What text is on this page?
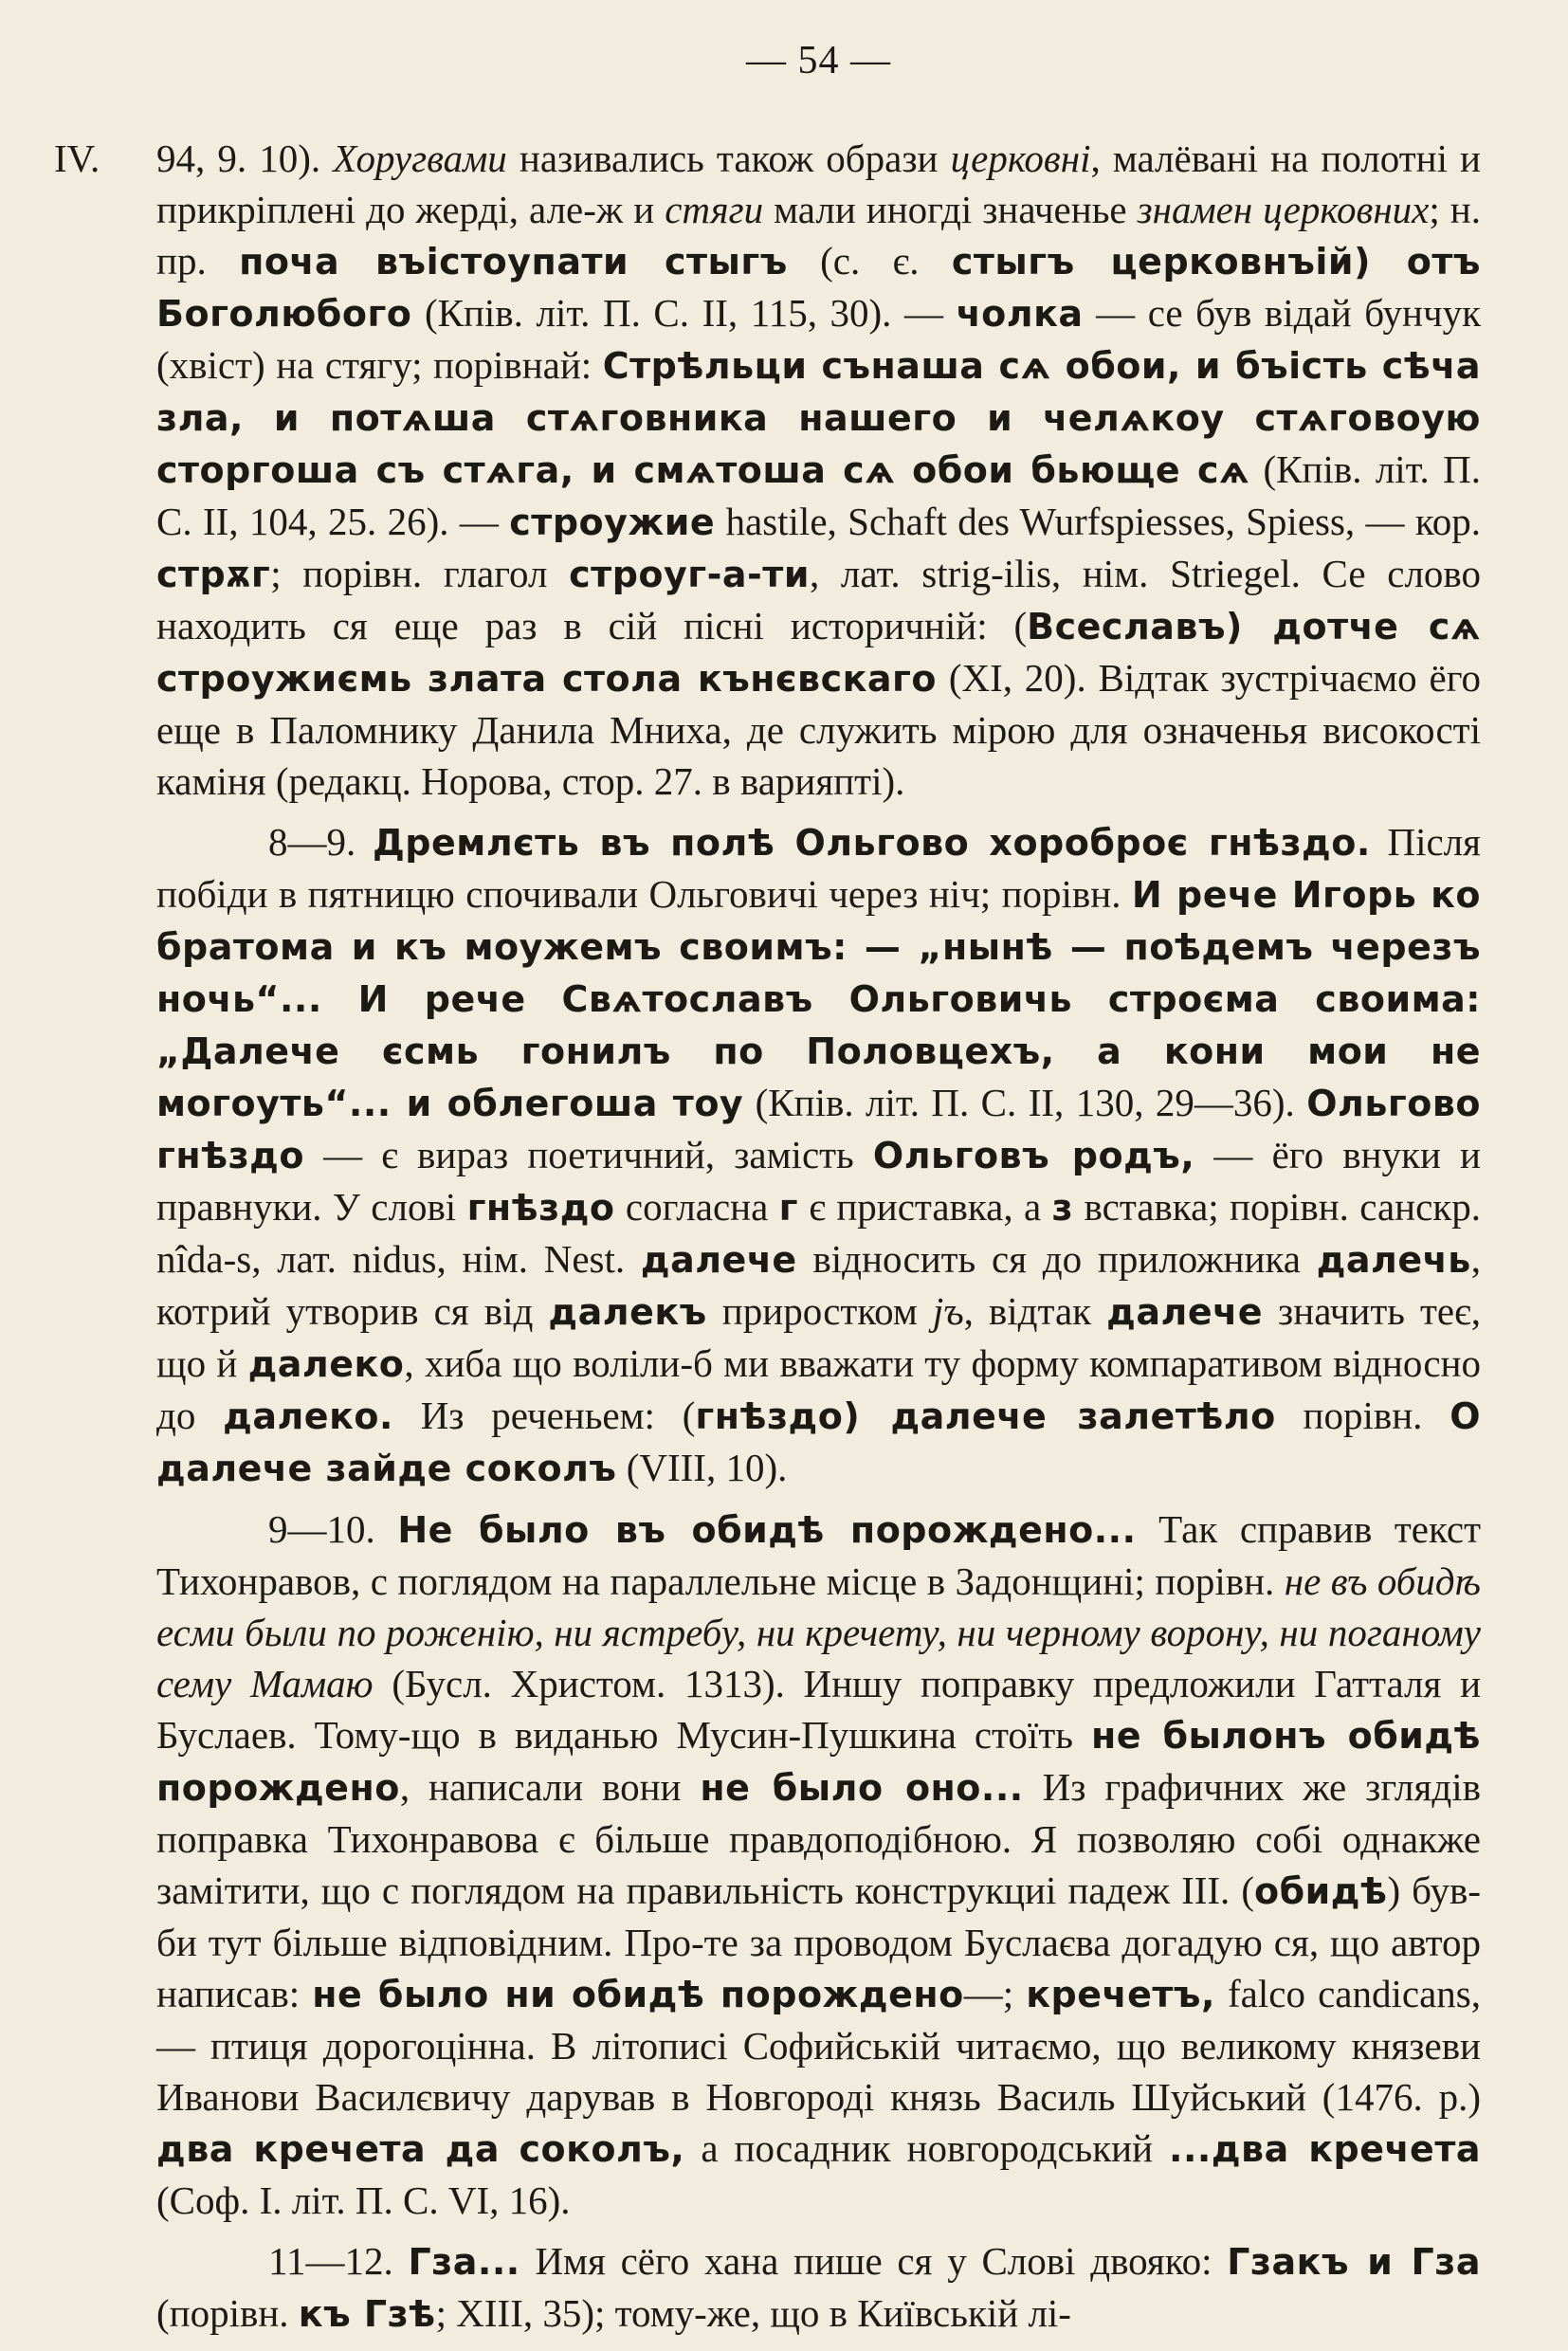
— 54 —
IV. 94, 9. 10). Хоругвами називались також образи церковні, малёвані на полотні и прикріплені до жерді, але-ж и стяги мали иногді значенье знамен церковних; н. пр. поча въістоупати стыгъ (с. є. стыгъ церковнъій) отъ Боголюбого (Кпів. літ. П. С. II, 115, 30). — чолка — се був відай бунчук (хвіст) на стягу; порівнай: Стрѣльци сънаша сѧ обои, и бъість сѣча зла, и потѧша стѧговника нашего и челѧкоу стѧговоую сторгоша съ стѧга, и смѧтоша сѧ обои бьюще сѧ (Кпів. літ. П. С. II, 104, 25. 26). — строужие hastile, Schaft des Wurfspiesses, Spiess, — кор. стрѫг; порівн. глагол строуг-а-ти, лат. strig-ilis, нім. Striegel. Се слово находить ся еще раз в сій пісні историчній: (Всеславъ) дотче сѧ строужиємь злата стола кънєвскаго (XI, 20). Відтак зустрічаємо ёго еще в Паломнику Данила Мниха, де служить мірою для означенья високості каміня (редакц. Норова, стор. 27. в варияпті).
8—9. Дремлєть въ полѣ Ольгово хороброє гнѣздо. Після побіди в пятницю спочивали Ольговичі через ніч; порівн. И рече Игорь ко братома и къ моужемъ своимъ: — „нынѣ — поѣдемъ черезъ ночь“... И рече Свѧтославъ Ольговичь строєма своима: „Далече єсмь гонилъ по Половцехъ, а кони мои не могоуть“... и облегоша тоу (Кпів. літ. П. С. II, 130, 29—36). Ольгово гнѣздо — є вираз поетичний, замість Ольговъ родъ, — ёго внуки и правнуки. У слові гнѣздо согласна г є приставка, а з вставка; порівн. санскр. nîda-s, лат. nidus, нім. Nest. далече відносить ся до приложника далечь, котрий утворив ся від далекъ приростком jъ, відтак далече значить теє, що й далеко, хиба що воліли-б ми вважати ту форму компаративом відносно до далеко. Из реченьем: (гнѣздо) далече залетѣло порівн. О далече зайде соколъ (VIII, 10).
9—10. Не было въ обидѣ порождено... Так справив текст Тихонравов, с поглядом на параллельне місце в Задонщині; порівн. не въ обидѣ есми были по роженію, ни ястребу, ни кречету, ни черному ворону, ни поганому сему Мамаю (Бусл. Христом. 1313). Иншу поправку предложили Гатталя и Буслаев. Тому-що в виданью Мусин-Пушкина стоїть не былонъ обидѣ порождено, написали вони не было оно... Из графичних же зглядів поправка Тихонравова є більше правдоподібною. Я позволяю собі однакже замітити, що с поглядом на правильність конструкциі падеж III. (обидѣ) був-би тут більше відповідним. Про-те за проводом Буслаєва догадую ся, що автор написав: не было ни обидѣ порождено—; кречетъ, falco candicans, — птиця дорогоцінна. В літописі Софийській читаємо, що великому князеви Иванови Василєвичу дарував в Новгороді князь Василь Шуйський (1476. р.) два кречета да соколъ, а посадник новгородський ...два кречета (Соф. I. літ. П. С. VI, 16).
11—12. Гза... Имя сёго хана пише ся у Слові двояко: Гзакъ и Гза (порівн. къ Гзѣ; XIII, 35); тому-же, що в Київській лі-
